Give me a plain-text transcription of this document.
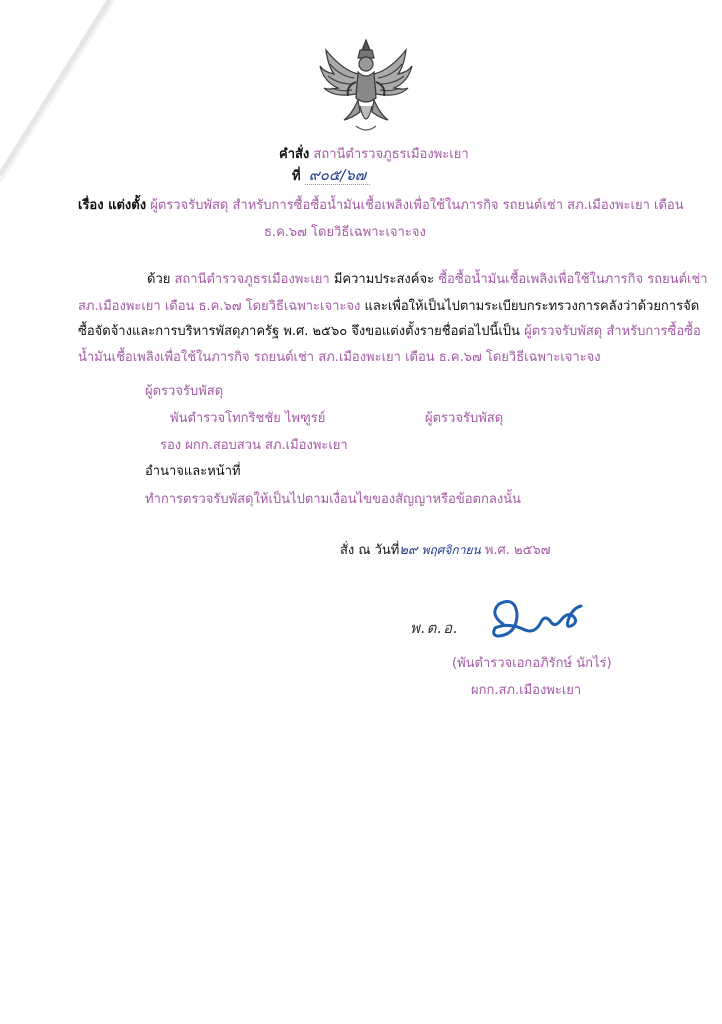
คำสั่ง สถานีตำรวจภูธรเมืองพะเยา
ที่ ๙๐๕/๖๗
เรื่อง แต่งตั้ง ผู้ตรวจรับพัสดุ สำหรับการซื้อซื้อน้ำมันเชื้อเพลิงเพื่อใช้ในภารกิจ รถยนต์เช่า สภ.เมืองพะเยา เดือน
ธ.ค.๖๗ โดยวิธีเฉพาะเจาะจง
ด้วย สถานีตำรวจภูธรเมืองพะเยา มีความประสงค์จะ ซื้อซื้อน้ำมันเชื้อเพลิงเพื่อใช้ในภารกิจ รถยนต์เช่า
สภ.เมืองพะเยา เดือน ธ.ค.๖๗ โดยวิธีเฉพาะเจาะจง และเพื่อให้เป็นไปตามระเบียบกระทรวงการคลังว่าด้วยการจัด
ซื้อจัดจ้างและการบริหารพัสดุภาครัฐ พ.ศ. ๒๕๖๐ จึงขอแต่งตั้งรายชื่อต่อไปนี้เป็น ผู้ตรวจรับพัสดุ สำหรับการซื้อซื้อ
น้ำมันเชื้อเพลิงเพื่อใช้ในภารกิจ รถยนต์เช่า สภ.เมืองพะเยา เดือน ธ.ค.๖๗ โดยวิธีเฉพาะเจาะจง
ผู้ตรวจรับพัสดุ
พันตำรวจโทกริชชัย ไพฑูรย์	ผู้ตรวจรับพัสดุ
รอง ผกก.สอบสวน สภ.เมืองพะเยา
อำนาจและหน้าที่
ทำการตรวจรับพัสดุให้เป็นไปตามเงื่อนไขของสัญญาหรือข้อตกลงนั้น
สั่ง ณ วันที่๒๙ พฤศจิกายน พ.ศ. ๒๕๖๗
พ.ต.อ.
(พันตำรวจเอกอภิรักษ์ นักไร่)
ผกก.สภ.เมืองพะเยา
